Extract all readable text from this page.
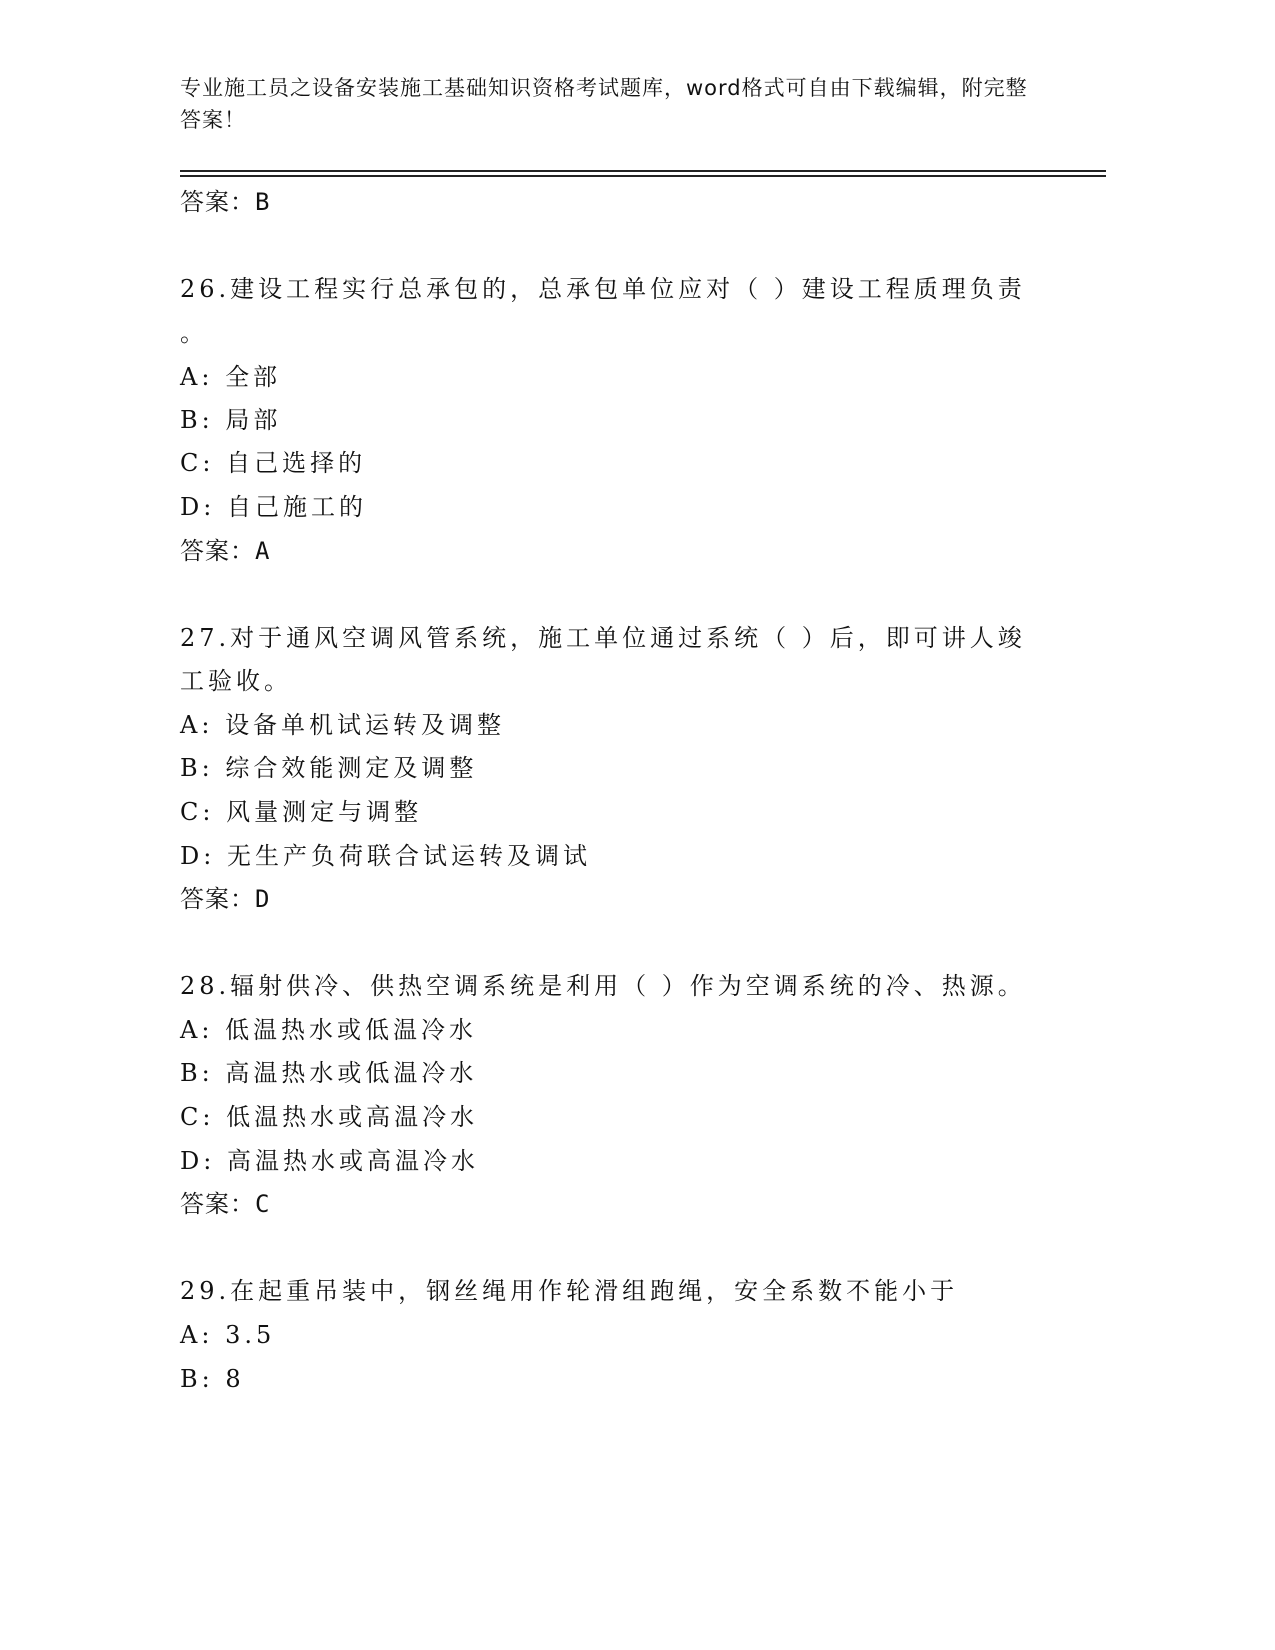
专业施工员之设备安装施工基础知识资格考试题库，word格式可自由下载编辑，附完整答案！
答案：B
26.建设工程实行总承包的，总承包单位应对（ ）建设工程质理负责
。
A: 全部
B: 局部
C: 自己选择的
D: 自己施工的
答案：A
27.对于通风空调风管系统，施工单位通过系统（ ）后，即可讲人竣
工验收。
A: 设备单机试运转及调整
B: 综合效能测定及调整
C: 风量测定与调整
D: 无生产负荷联合试运转及调试
答案：D
28.辐射供冷、供热空调系统是利用（ ）作为空调系统的冷、热源。
A: 低温热水或低温冷水
B: 高温热水或低温冷水
C: 低温热水或高温冷水
D: 高温热水或高温冷水
答案：C
29.在起重吊装中，钢丝绳用作轮滑组跑绳，安全系数不能小于
A: 3.5
B: 8
